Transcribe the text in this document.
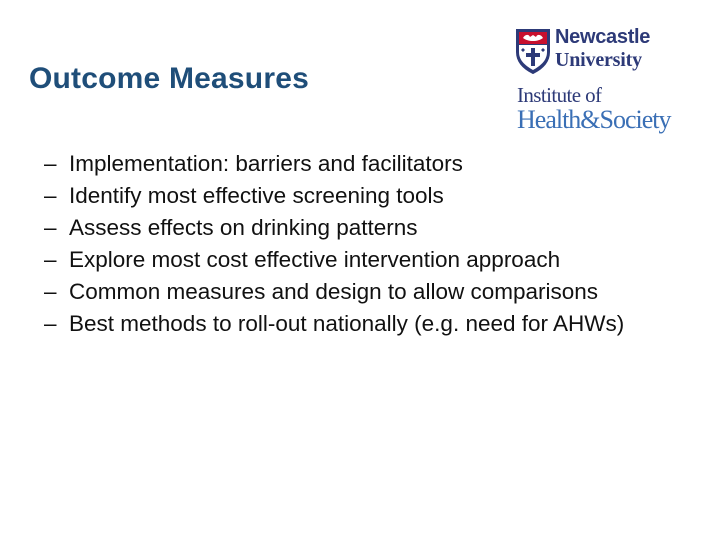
Outcome Measures
Newcastle
University
Institute of
Health&Society
– Implementation: barriers and facilitators
– Identify most effective screening tools
– Assess effects on drinking patterns
– Explore most cost effective intervention approach
– Common measures and design to allow comparisons
– Best methods to roll-out nationally (e.g. need for AHWs)
